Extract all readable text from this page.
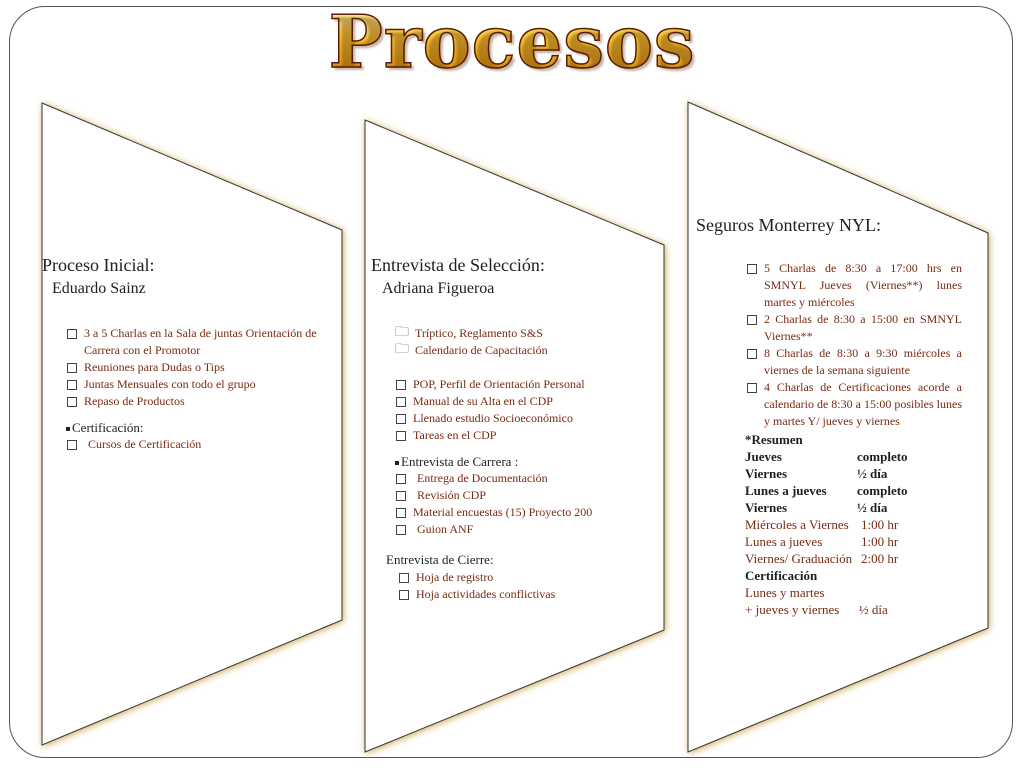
Procesos
Proceso Inicial:
Eduardo Sainz
3 a 5 Charlas en la Sala de juntas Orientación de Carrera con el Promotor
Reuniones para Dudas o Tips
Juntas Mensuales con todo el grupo
Repaso de Productos
Certificación:
Cursos de Certificación
Entrevista de Selección:
Adriana Figueroa
🗀 Tríptico, Reglamento S&S
🗀 Calendario de Capacitación
POP, Perfil de Orientación Personal
Manual de su Alta en el CDP
Llenado estudio Socioeconómico
Tareas en el CDP
Entrevista de Carrera :
Entrega de Documentación
Revisión CDP
Material encuestas (15) Proyecto 200
Guion ANF
Entrevista de Cierre:
Hoja de registro
Hoja actividades conflictivas
Seguros Monterrey NYL:
5 Charlas de 8:30 a 17:00 hrs en SMNYL Jueves (Viernes**) lunes martes y miércoles
2 Charlas de 8:30 a 15:00 en SMNYL Viernes**
8 Charlas de 8:30 a 9:30 miércoles a viernes de la semana siguiente
4 Charlas de Certificaciones acorde a calendario de 8:30 a 15:00 posibles lunes y martes Y/ jueves y viernes
*Resumen
Jueves	completo
Viernes	½ día
Lunes a jueves	completo
Viernes	½ día
Miércoles a Viernes 1:00 hr
Lunes a jueves	1:00 hr
Viernes/ Graduación 2:00 hr
Certificación
Lunes y martes
+ jueves y viernes      ½ día
